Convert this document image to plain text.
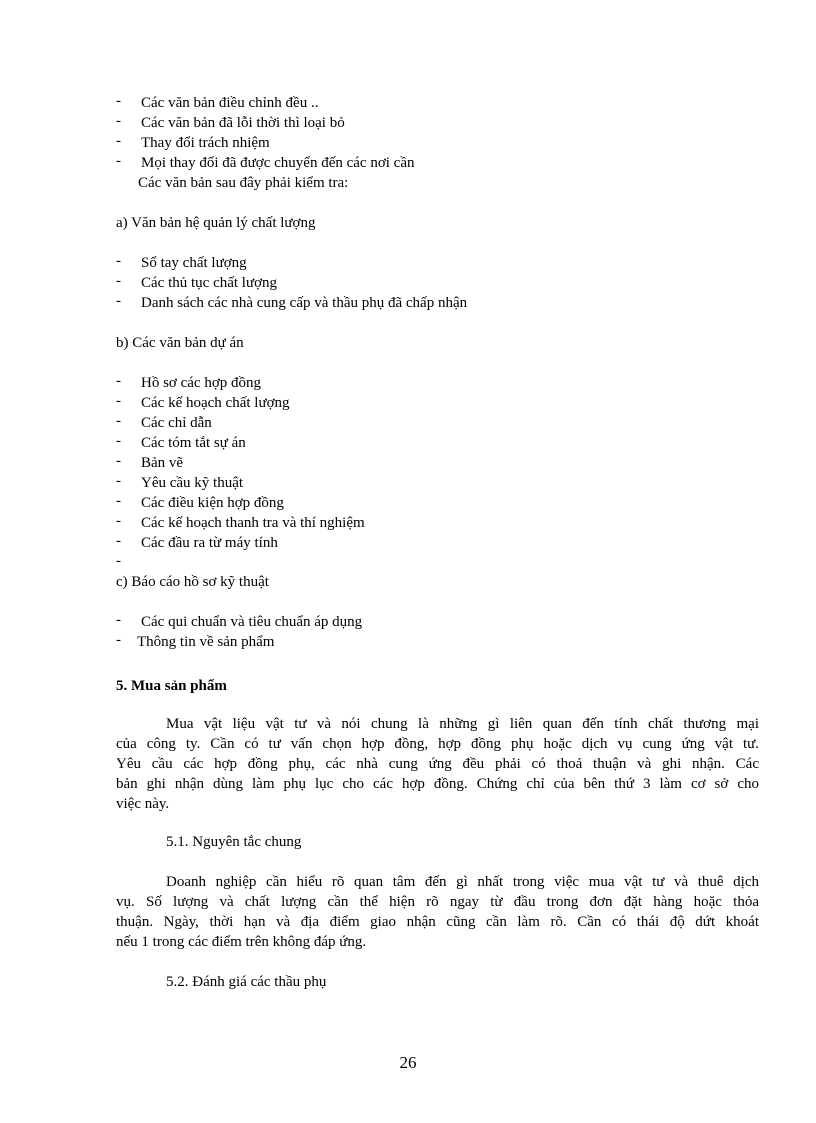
- Các văn bản điều chỉnh đều ..
- Các văn bản đã lỗi thời thì loại bỏ
- Thay đổi trách nhiệm
- Mọi thay đổi đã được chuyển đến các nơi cần
Các văn bản sau đây phải kiểm tra:
a) Văn bản hệ quản lý chất lượng
- Sổ tay chất lượng
- Các thủ tục chất lượng
- Danh sách các nhà cung cấp và thầu phụ đã chấp nhận
b) Các văn bản dự án
- Hồ sơ các hợp đồng
- Các kế hoạch chất lượng
- Các chỉ dẫn
- Các tóm tắt sự án
- Bản vẽ
- Yêu cầu kỹ thuật
- Các điều kiện hợp đồng
- Các kế hoạch thanh tra và thí nghiệm
- Các đầu ra từ máy tính
-
c) Báo cáo hồ sơ kỹ thuật
- Các qui chuẩn và tiêu chuẩn áp dụng
- Thông tin về sản phẩm
5. Mua sản phẩm
Mua vật liệu vật tư và nói chung là những gì liên quan đến tính chất thương mại
của công ty. Cần có tư vấn chọn hợp đồng, hợp đồng phụ hoặc dịch vụ cung ứng vật tư.
Yêu cầu các hợp đồng phụ, các nhà cung ứng đều phải có thoả thuận và ghi nhận. Các
bản ghi nhận dùng làm phụ lục cho các hợp đồng. Chứng chỉ của bên thứ 3 làm cơ sở cho
việc này.
5.1. Nguyên tắc chung
Doanh nghiệp cần hiểu rõ quan tâm đến gì nhất trong việc mua vật tư và thuê dịch
vụ. Số lượng và chất lượng cần thể hiện rõ ngay từ đầu trong đơn đặt hàng hoặc thỏa
thuận. Ngày, thời hạn và địa điểm giao nhận cũng cần làm rõ. Cần có thái độ dứt khoát
nếu 1 trong các điểm trên không đáp ứng.
5.2. Đánh giá các thầu phụ
26
